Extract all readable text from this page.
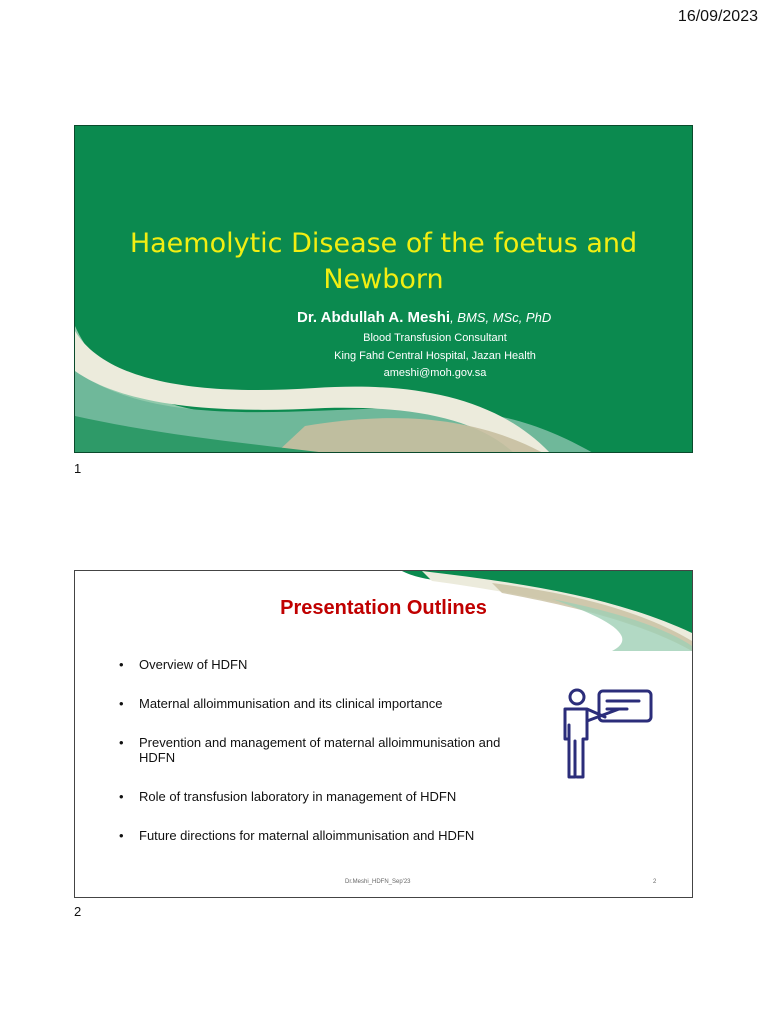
16/09/2023
Haemolytic Disease of the foetus and
Newborn
Dr. Abdullah A. Meshi, BMS, MSc, PhD
Blood Transfusion Consultant
King Fahd Central Hospital, Jazan Health
ameshi@moh.gov.sa
1
Presentation Outlines
• Overview of HDFN
• Maternal alloimmunisation and its clinical importance
• Prevention and management of maternal alloimmunisation and HDFN
• Role of transfusion laboratory in management of HDFN
• Future directions for maternal alloimmunisation and HDFN
Dr.Meshi_HDFN_Sep'23	2
2
